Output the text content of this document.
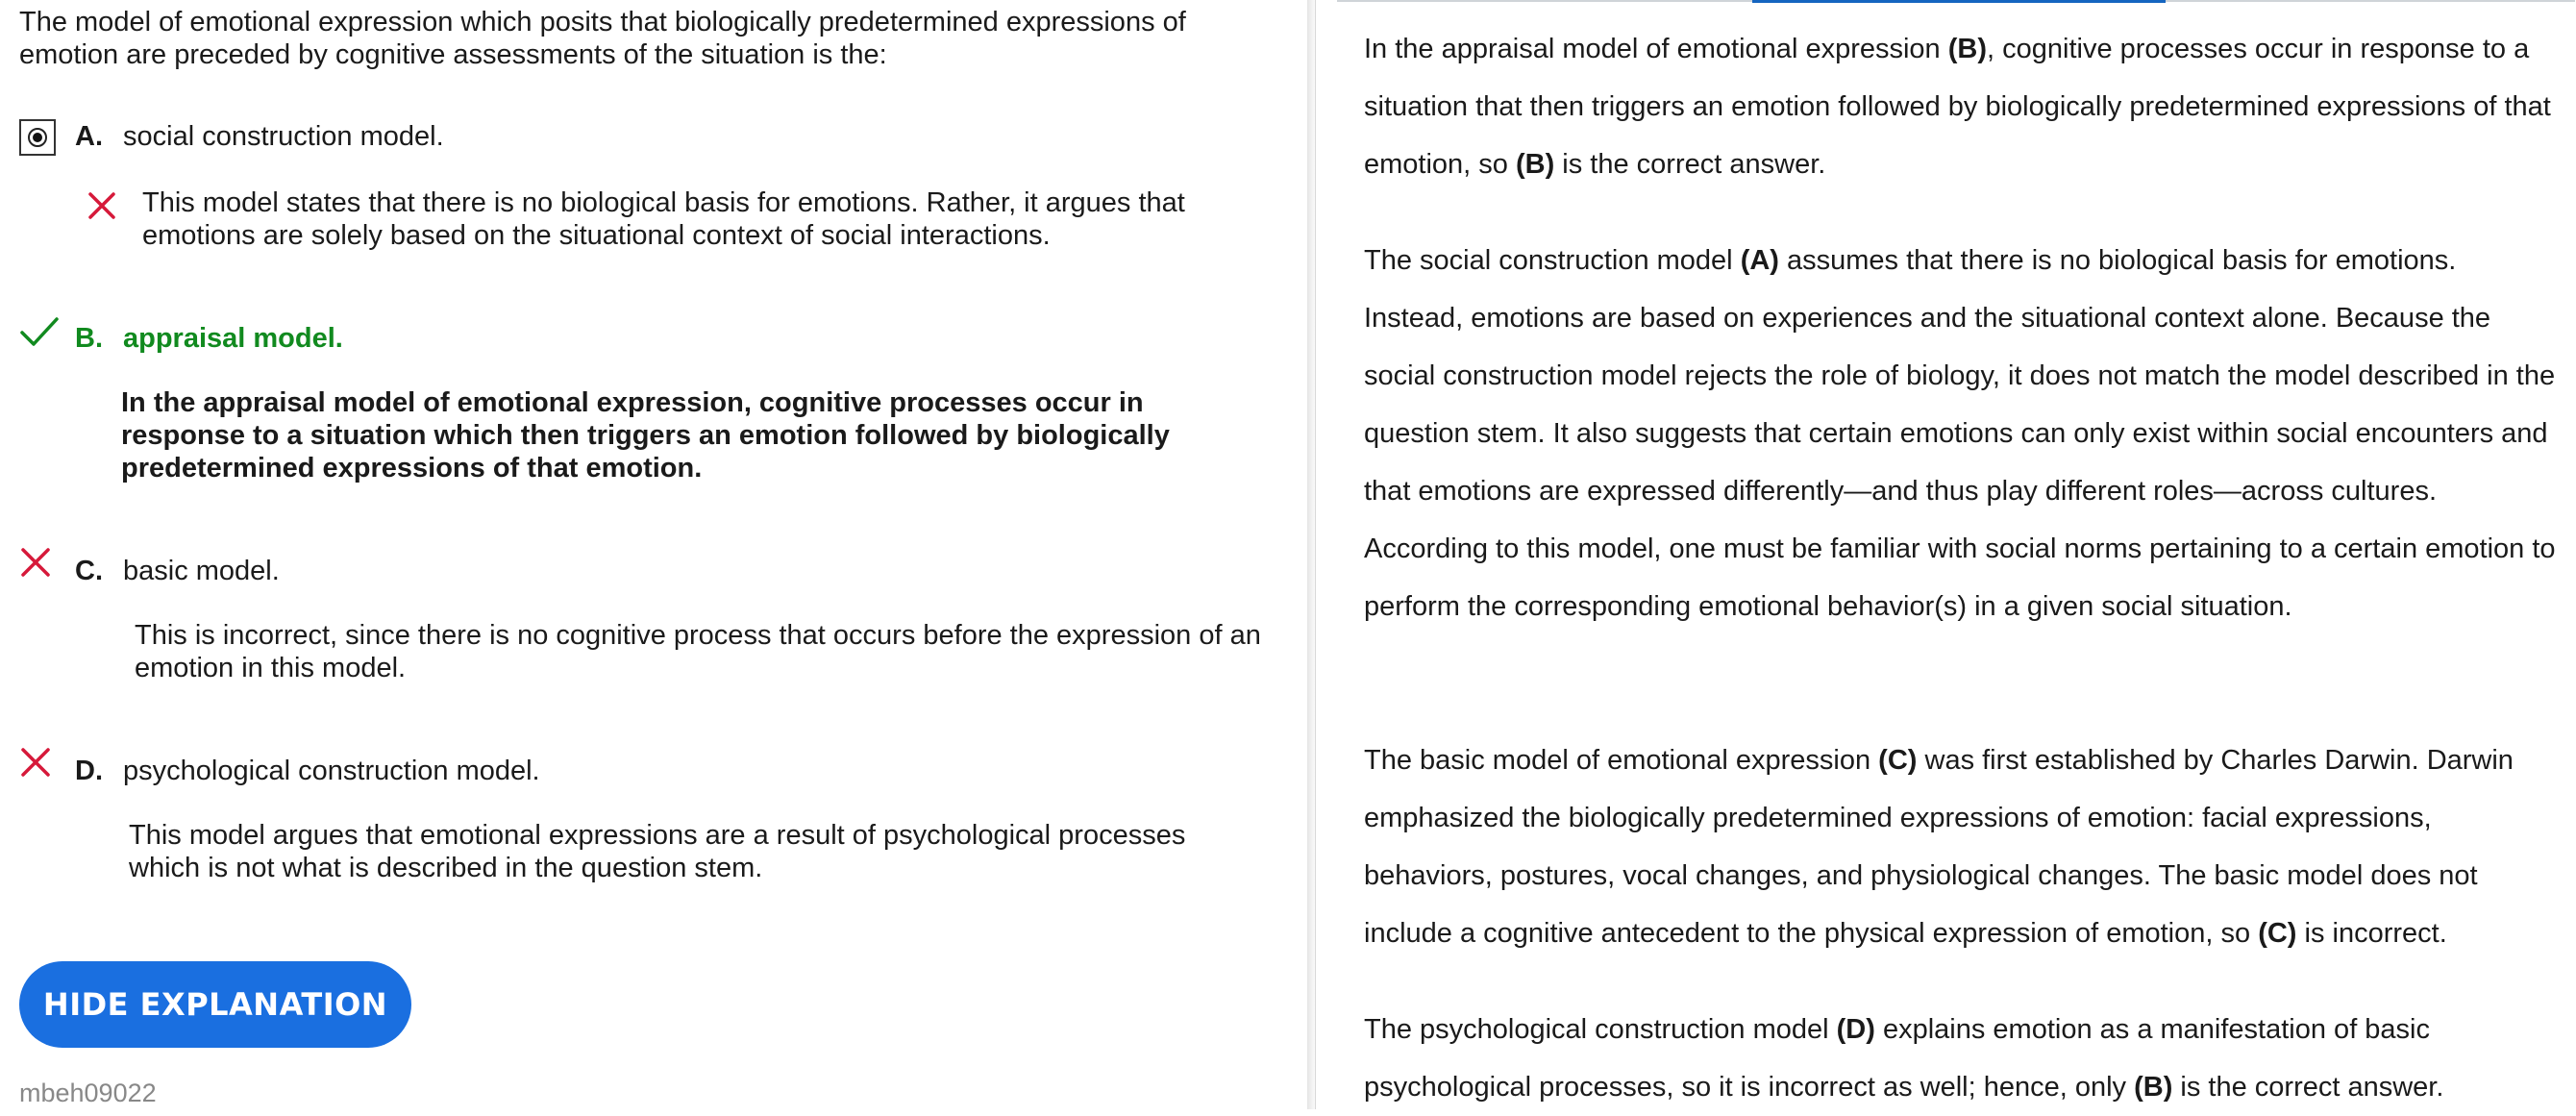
The model of emotional expression which posits that biologically predetermined expressions of emotion are preceded by cognitive assessments of the situation is the:
A. social construction model.
This model states that there is no biological basis for emotions. Rather, it argues that emotions are solely based on the situational context of social interactions.
B. appraisal model.
In the appraisal model of emotional expression, cognitive processes occur in response to a situation which then triggers an emotion followed by biologically predetermined expressions of that emotion.
C. basic model.
This is incorrect, since there is no cognitive process that occurs before the expression of an emotion in this model.
D. psychological construction model.
This model argues that emotional expressions are a result of psychological processes which is not what is described in the question stem.
HIDE EXPLANATION
mbeh09022
In the appraisal model of emotional expression (B), cognitive processes occur in response to a situation that then triggers an emotion followed by biologically predetermined expressions of that emotion, so (B) is the correct answer.
The social construction model (A) assumes that there is no biological basis for emotions. Instead, emotions are based on experiences and the situational context alone. Because the social construction model rejects the role of biology, it does not match the model described in the question stem. It also suggests that certain emotions can only exist within social encounters and that emotions are expressed differently—and thus play different roles—across cultures. According to this model, one must be familiar with social norms pertaining to a certain emotion to perform the corresponding emotional behavior(s) in a given social situation.
The basic model of emotional expression (C) was first established by Charles Darwin. Darwin emphasized the biologically predetermined expressions of emotion: facial expressions, behaviors, postures, vocal changes, and physiological changes. The basic model does not include a cognitive antecedent to the physical expression of emotion, so (C) is incorrect.
The psychological construction model (D) explains emotion as a manifestation of basic psychological processes, so it is incorrect as well; hence, only (B) is the correct answer.
